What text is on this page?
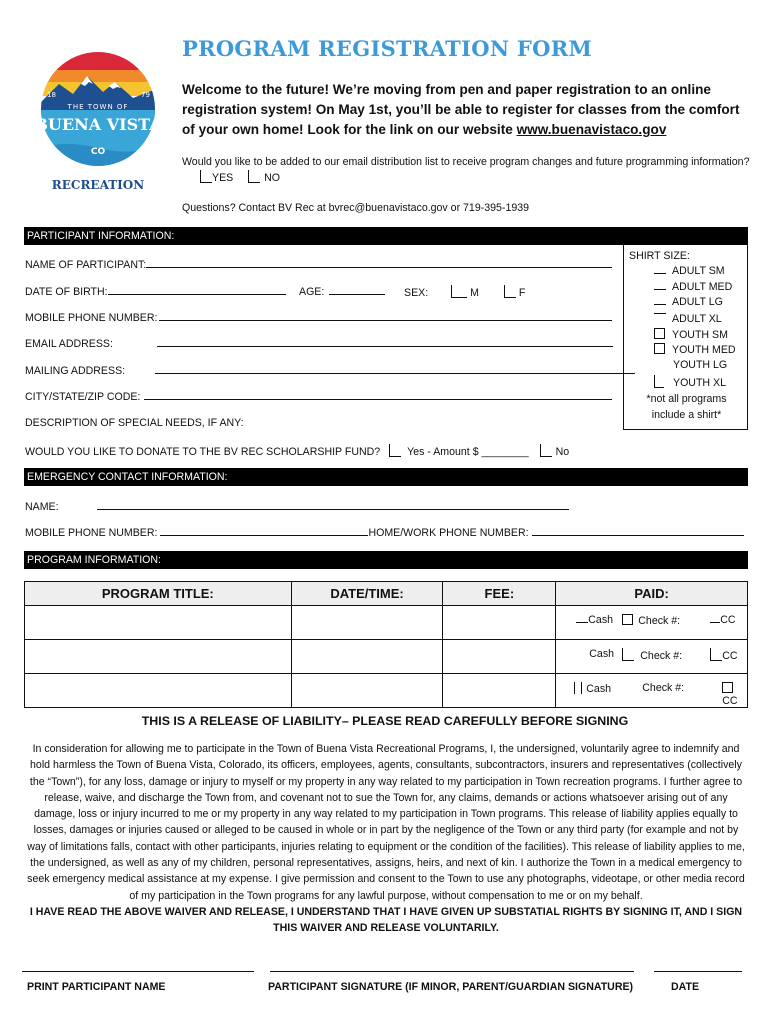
THE TOWN OF
BUENA VISTA
18	79
CO
RECREATION
PROGRAM REGISTRATION FORM
Welcome to the future! We’re moving from pen and paper registration to an online registration system! On May 1st, you’ll be able to register for classes from the comfort of your own home! Look for the link on our website www.buenavistaco.gov
Would you like to be added to our email distribution list to receive program changes and future programming information? YES	NO
Questions? Contact BV Rec at bvrec@buenavistaco.gov or 719-395-1939
PARTICIPANT INFORMATION:
NAME OF PARTICIPANT:
DATE OF BIRTH:	AGE:	SEX:	M	F
MOBILE PHONE NUMBER:
EMAIL ADDRESS:
MAILING ADDRESS:
CITY/STATE/ZIP CODE:
DESCRIPTION OF SPECIAL NEEDS, IF ANY:
WOULD YOU LIKE TO DONATE TO THE BV REC SCHOLARSHIP FUND?	Yes - Amount $ ________	No
SHIRT SIZE:
ADULT SM
ADULT MED
ADULT LG
ADULT XL
YOUTH SM
YOUTH MED
YOUTH LG
YOUTH XL
*not all programs
include a shirt*
EMERGENCY CONTACT INFORMATION:
NAME:
MOBILE PHONE NUMBER:	HOME/WORK PHONE NUMBER:
PROGRAM INFORMATION:
PROGRAM TITLE:	DATE/TIME:	FEE:	PAID:

			Cash Check #: CC

			Cash Check #: CC

			Cash Check #:
CC
THIS IS A RELEASE OF LIABILITY– PLEASE READ CAREFULLY BEFORE SIGNING
In consideration for allowing me to participate in the Town of Buena Vista Recreational Programs, I, the undersigned, voluntarily agree to indemnify and hold harmless the Town of Buena Vista, Colorado, its officers, employees, agents, consultants, subcontractors, insurers and representatives (collectively the “Town”), for any loss, damage or injury to myself or my property in any way related to my participation in Town recreation programs. I further agree to release, waive, and discharge the Town from, and covenant not to sue the Town for, any claims, demands or actions whatsoever arising out of any damage, loss or injury incurred to me or my property in any way related to my participation in Town programs. This release of liability applies equally to losses, damages or injuries caused or alleged to be caused in whole or in part by the negligence of the Town or any third party (for example and not by way of limitations falls, contact with other participants, injuries relating to equipment or the condition of the facilities). This release of liability applies to me, the undersigned, as well as any of my children, personal representatives, assigns, heirs, and next of kin. I authorize the Town in a medical emergency to seek emergency medical assistance at my expense. I give permission and consent to the Town to use any photographs, videotape, or other media record of my participation in the Town programs for any lawful purpose, without compensation to me or on my behalf.
I HAVE READ THE ABOVE WAIVER AND RELEASE, I UNDERSTAND THAT I HAVE GIVEN UP SUBSTATIAL RIGHTS BY SIGNING IT, AND I SIGN THIS WAIVER AND RELEASE VOLUNTARILY.
PRINT PARTICIPANT NAME	PARTICIPANT SIGNATURE (IF MINOR, PARENT/GUARDIAN SIGNATURE)	DATE
